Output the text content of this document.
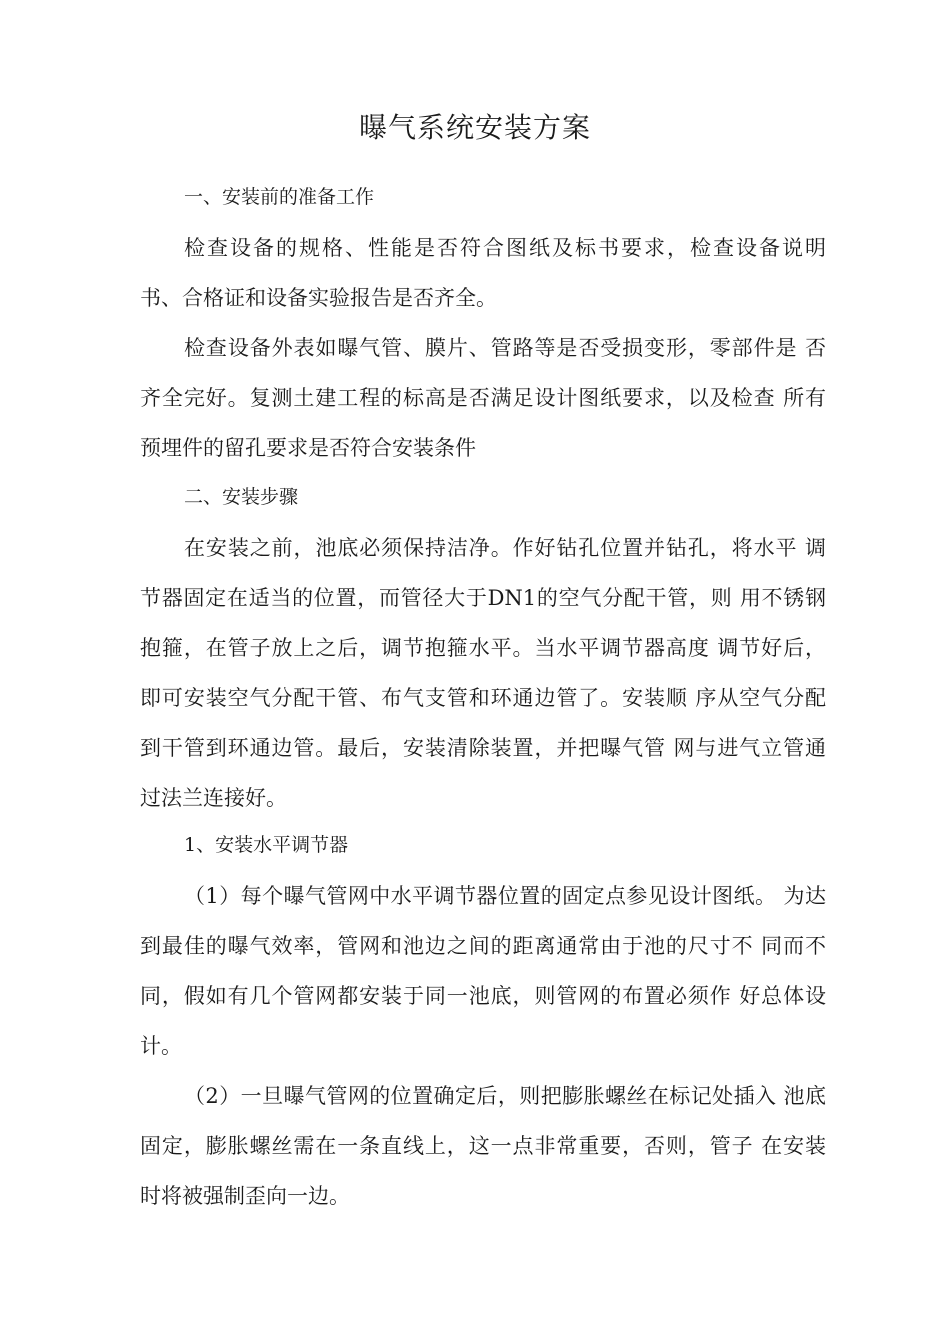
曝气系统安装方案
一、安装前的准备工作
检查设备的规格、性能是否符合图纸及标书要求，检查设备说明
书、合格证和设备实验报告是否齐全。
检查设备外表如曝气管、膜片、管路等是否受损变形，零部件是 否
齐全完好。复测土建工程的标高是否满足设计图纸要求，以及检查 所有
预埋件的留孔要求是否符合安装条件
二、安装步骤
在安装之前，池底必须保持洁净。作好钻孔位置并钻孔，将水平 调
节器固定在适当的位置，而管径大于DN1的空气分配干管，则 用不锈钢
抱箍，在管子放上之后，调节抱箍水平。当水平调节器高度 调节好后，
即可安装空气分配干管、布气支管和环通边管了。安装顺 序从空气分配
到干管到环通边管。最后，安装清除装置，并把曝气管 网与进气立管通
过法兰连接好。
1、安装水平调节器
（1）每个曝气管网中水平调节器位置的固定点参见设计图纸。 为达
到最佳的曝气效率，管网和池边之间的距离通常由于池的尺寸不 同而不
同，假如有几个管网都安装于同一池底，则管网的布置必须作 好总体设
计。
（2）一旦曝气管网的位置确定后，则把膨胀螺丝在标记处插入 池底
固定，膨胀螺丝需在一条直线上，这一点非常重要，否则，管子 在安装
时将被强制歪向一边。
